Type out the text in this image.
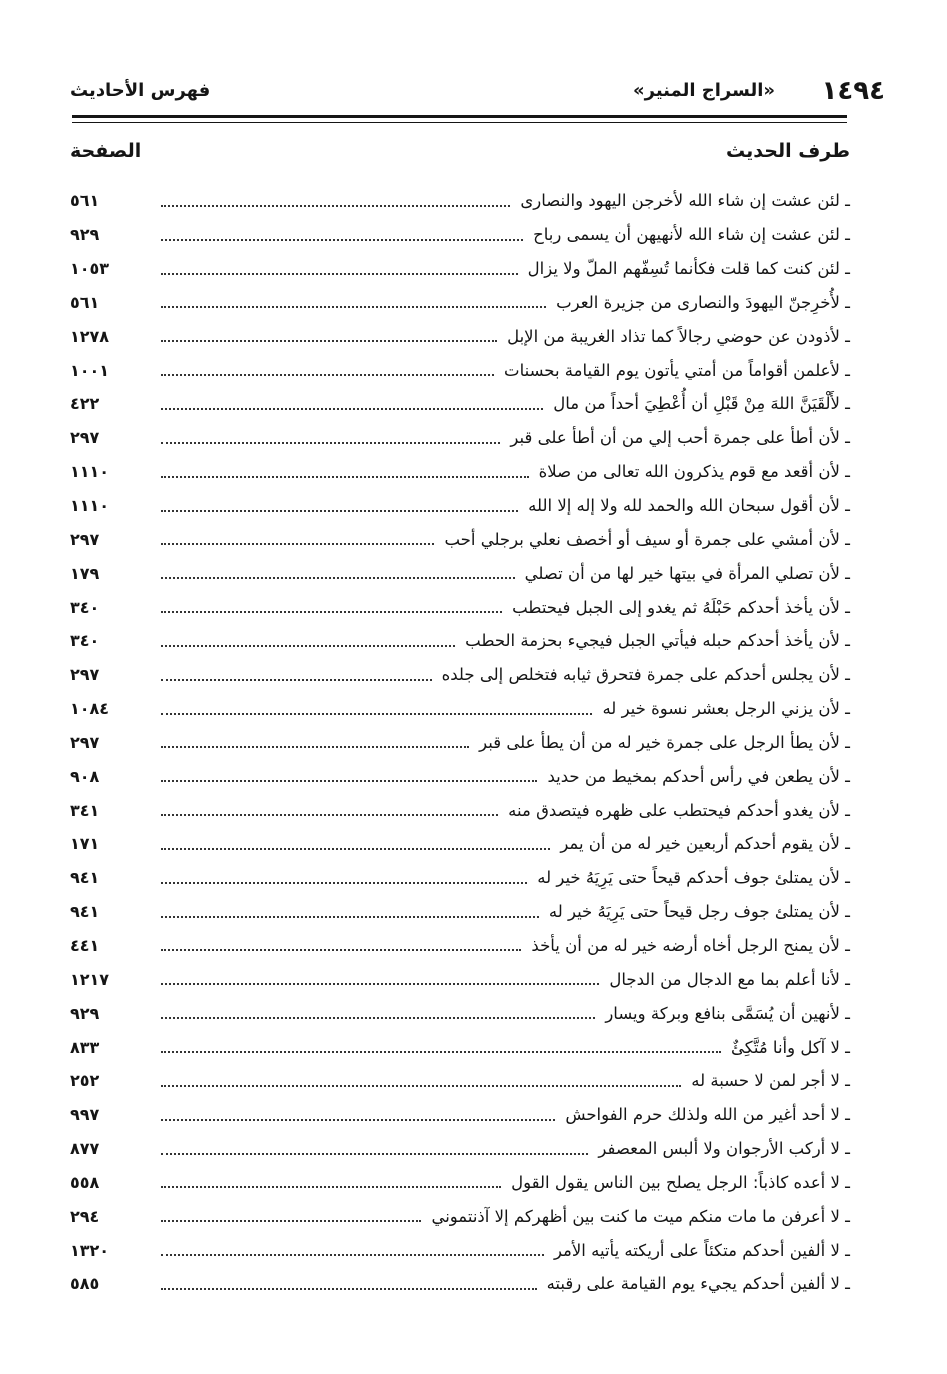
١٤٩٤
«السراج المنير»
فهرس الأحاديث
طرف الحديث
الصفحة
ـ لئن عشت إن شاء الله لأخرجن اليهود والنصارى
٥٦١
ـ لئن عشت إن شاء الله لأنهيهن أن يسمى رباح
٩٢٩
ـ لئن كنت كما قلت فكأنما تُسِفّهم الملّ ولا يزال
١٠٥٣
ـ لأُخرِجنّ اليهودَ والنصارى من جزيرة العرب
٥٦١
ـ لأذودن عن حوضي رجالاً كما تذاد الغريبة من الإبل
١٢٧٨
ـ لأعلمن أقواماً من أمتي يأتون يوم القيامة بحسنات
١٠٠١
ـ لأَلْقَيَنَّ اللهَ مِنْ قَبْلِ أن أُعْطِيَ أحداً من مال
٤٢٢
ـ لأن أطأ على جمرة أحب إلي من أن أطأ على قبر
٢٩٧
ـ لأن أقعد مع قوم يذكرون الله تعالى من صلاة
١١١٠
ـ لأن أقول سبحان الله والحمد لله ولا إله إلا الله
١١١٠
ـ لأن أمشي على جمرة أو سيف أو أخصف نعلي برجلي أحب
٢٩٧
ـ لأن تصلي المرأة في بيتها خير لها من أن تصلي
١٧٩
ـ لأن يأخذ أحدكم حَبْلَهُ ثم يغدو إلى الجبل فيحتطب
٣٤٠
ـ لأن يأخذ أحدكم حبله فيأتي الجبل فيجيء بحزمة الحطب
٣٤٠
ـ لأن يجلس أحدكم على جمرة فتحرق ثيابه فتخلص إلى جلده
٢٩٧
ـ لأن يزني الرجل بعشر نسوة خير له
١٠٨٤
ـ لأن يطأ الرجل على جمرة خير له من أن يطأ على قبر
٢٩٧
ـ لأن يطعن في رأس أحدكم بمخيط من حديد
٩٠٨
ـ لأن يغدو أحدكم فيحتطب على ظهره فيتصدق منه
٣٤١
ـ لأن يقوم أحدكم أربعين خير له من أن يمر
١٧١
ـ لأن يمتلئ جوف أحدكم قيحاً حتى يَرِيَهُ خير له
٩٤١
ـ لأن يمتلئ جوف رجل قيحاً حتى يَرِيَهُ خير له
٩٤١
ـ لأن يمنح الرجل أخاه أرضه خير له من أن يأخذ
٤٤١
ـ لأنا أعلم بما مع الدجال من الدجال
١٢١٧
ـ لأنهين أن يُسَمَّى بنافع وبركة ويسار
٩٢٩
ـ لا آكل وأنا مُتَّكِئٌ
٨٣٣
ـ لا أجر لمن لا حسبة له
٢٥٢
ـ لا أحد أغير من الله ولذلك حرم الفواحش
٩٩٧
ـ لا أركب الأرجوان ولا ألبس المعصفر
٨٧٧
ـ لا أعده كاذباً: الرجل يصلح بين الناس يقول القول
٥٥٨
ـ لا أعرفن ما مات منكم ميت ما كنت بين أظهركم إلا آذنتموني
٢٩٤
ـ لا ألفين أحدكم متكئاً على أريكته يأتيه الأمر
١٣٢٠
ـ لا ألفين أحدكم يجيء يوم القيامة على رقبته
٥٨٥
